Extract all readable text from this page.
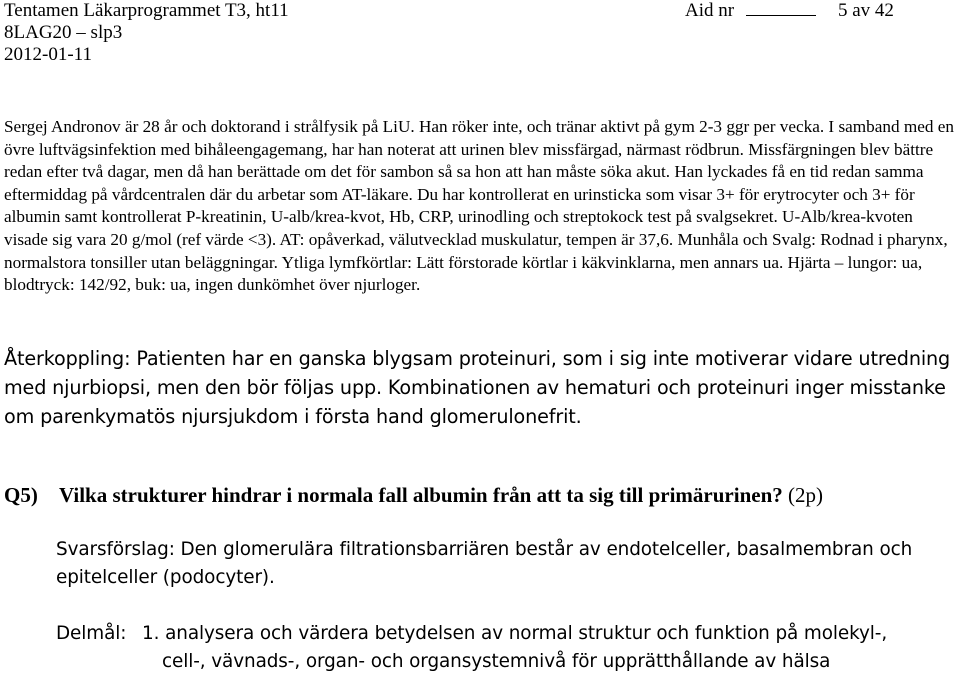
Tentamen Läkarprogrammet T3, ht11	Aid nr	5 av 42
8LAG20 – slp3
2012-01-11

Sergej Andronov är 28 år och doktorand i strålfysik på LiU. Han röker inte, och tränar aktivt på gym 2-3 ggr per vecka. I samband med en övre luftvägsinfektion med bihåleengagemang, har han noterat att urinen blev missfärgad, närmast rödbrun. Missfärgningen blev bättre redan efter två dagar, men då han berättade om det för sambon så sa hon att han måste söka akut. Han lyckades få en tid redan samma eftermiddag på vårdcentralen där du arbetar som AT-läkare. Du har kontrollerat en urinsticka som visar 3+ för erytrocyter och 3+ för albumin samt kontrollerat P-kreatinin, U-alb/krea-kvot, Hb, CRP, urinodling och streptokock test på svalgsekret. U-Alb/krea-kvoten visade sig vara 20 g/mol (ref värde <3). AT: opåverkad, välutvecklad muskulatur, tempen är 37,6. Munhåla och Svalg: Rodnad i pharynx, normalstora tonsiller utan beläggningar. Ytliga lymfkörtlar: Lätt förstorade körtlar i käkvinklarna, men annars ua. Hjärta – lungor: ua, blodtryck: 142/92, buk: ua, ingen dunkömhet över njurloger.

Återkoppling: Patienten har en ganska blygsam proteinuri, som i sig inte motiverar vidare utredning med njurbiopsi, men den bör följas upp. Kombinationen av hematuri och proteinuri inger misstanke om parenkymatös njursjukdom i första hand glomerulonefrit.

Q5) Vilka strukturer hindrar i normala fall albumin från att ta sig till primärurinen? (2p)

Svarsförslag: Den glomerulära filtrationsbarriären består av endotelceller, basalmembran och epitelceller (podocyter).

Delmål: 1. analysera och värdera betydelsen av normal struktur och funktion på molekyl-,
cell-, vävnads-, organ- och organsystemnivå för upprätthållande av hälsa
